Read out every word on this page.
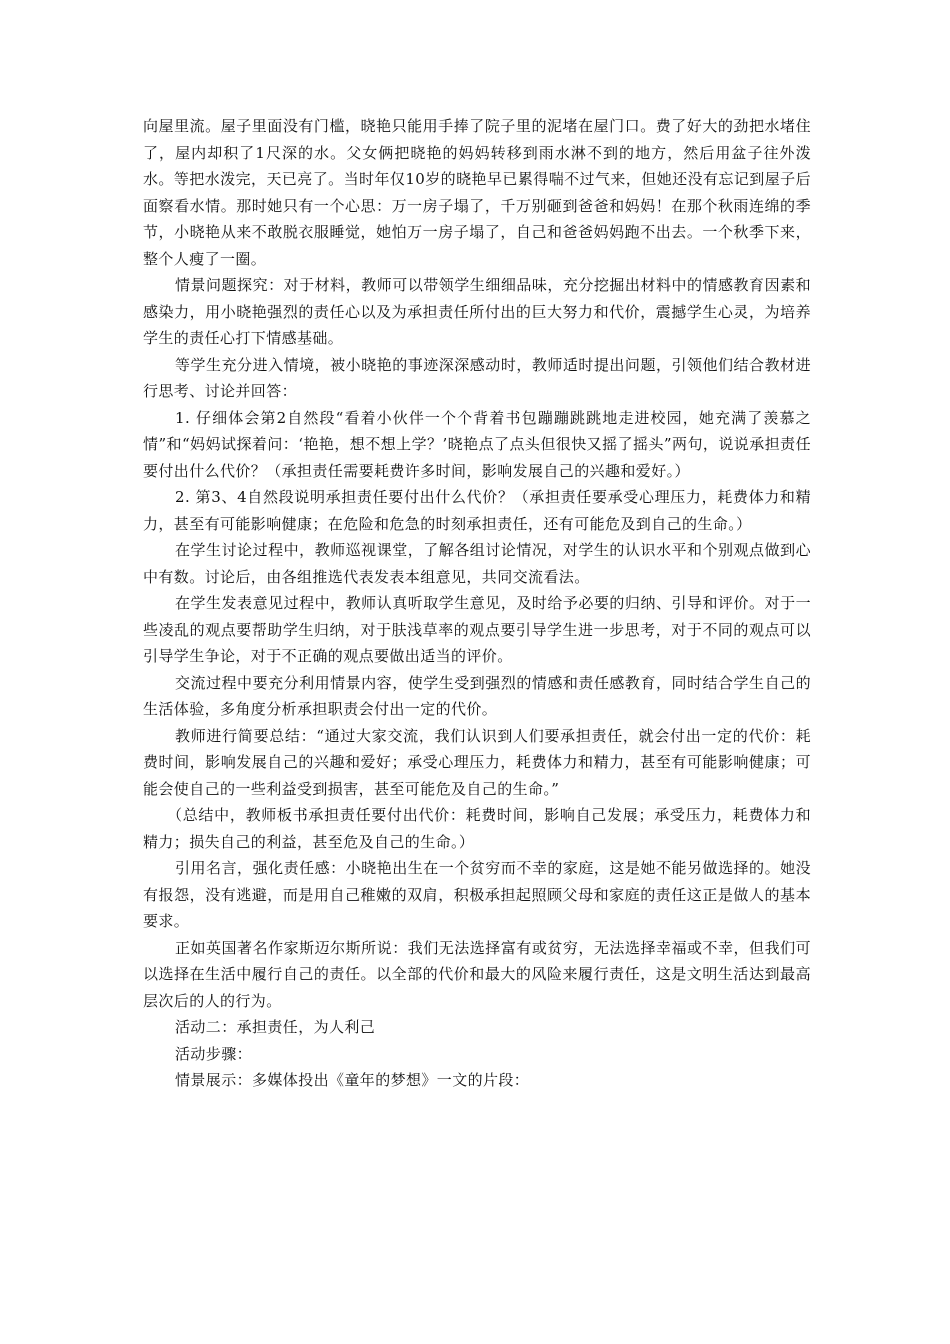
向屋里流。屋子里面没有门槛，晓艳只能用手捧了院子里的泥堵在屋门口。费了好大的劲把水堵住了，屋内却积了1尺深的水。父女俩把晓艳的妈妈转移到雨水淋不到的地方，然后用盆子往外泼水。等把水泼完，天已亮了。当时年仅10岁的晓艳早已累得喘不过气来，但她还没有忘记到屋子后面察看水情。那时她只有一个心思：万一房子塌了，千万别砸到爸爸和妈妈！在那个秋雨连绵的季节，小晓艳从来不敢脱衣服睡觉，她怕万一房子塌了，自己和爸爸妈妈跑不出去。一个秋季下来，整个人瘦了一圈。

情景问题探究：对于材料，教师可以带领学生细细品味，充分挖掘出材料中的情感教育因素和感染力，用小晓艳强烈的责任心以及为承担责任所付出的巨大努力和代价，震撼学生心灵，为培养学生的责任心打下情感基础。

等学生充分进入情境，被小晓艳的事迹深深感动时，教师适时提出问题，引领他们结合教材进行思考、讨论并回答：

1. 仔细体会第2自然段“看着小伙伴一个个背着书包蹦蹦跳跳地走进校园，她充满了羡慕之情”和“妈妈试探着问：‘艳艳，想不想上学？’晓艳点了点头但很快又摇了摇头”两句，说说承担责任要付出什么代价？（承担责任需要耗费许多时间，影响发展自己的兴趣和爱好。）

2. 第3、4自然段说明承担责任要付出什么代价？（承担责任要承受心理压力，耗费体力和精力，甚至有可能影响健康；在危险和危急的时刻承担责任，还有可能危及到自己的生命。）

在学生讨论过程中，教师巡视课堂，了解各组讨论情况，对学生的认识水平和个别观点做到心中有数。讨论后，由各组推选代表发表本组意见，共同交流看法。

在学生发表意见过程中，教师认真听取学生意见，及时给予必要的归纳、引导和评价。对于一些凌乱的观点要帮助学生归纳，对于肤浅草率的观点要引导学生进一步思考，对于不同的观点可以引导学生争论，对于不正确的观点要做出适当的评价。

交流过程中要充分利用情景内容，使学生受到强烈的情感和责任感教育，同时结合学生自己的生活体验，多角度分析承担职责会付出一定的代价。

教师进行简要总结：“通过大家交流，我们认识到人们要承担责任，就会付出一定的代价：耗费时间，影响发展自己的兴趣和爱好；承受心理压力，耗费体力和精力，甚至有可能影响健康；可能会使自己的一些利益受到损害，甚至可能危及自己的生命。”

（总结中，教师板书承担责任要付出代价：耗费时间，影响自己发展；承受压力，耗费体力和精力；损失自己的利益，甚至危及自己的生命。）

引用名言，强化责任感：小晓艳出生在一个贫穷而不幸的家庭，这是她不能另做选择的。她没有报怨，没有逃避，而是用自己稚嫩的双肩，积极承担起照顾父母和家庭的责任这正是做人的基本要求。

正如英国著名作家斯迈尔斯所说：我们无法选择富有或贫穷，无法选择幸福或不幸，但我们可以选择在生活中履行自己的责任。以全部的代价和最大的风险来履行责任，这是文明生活达到最高层次后的人的行为。

活动二：承担责任，为人利己

活动步骤：

情景展示：多媒体投出《童年的梦想》一文的片段：
